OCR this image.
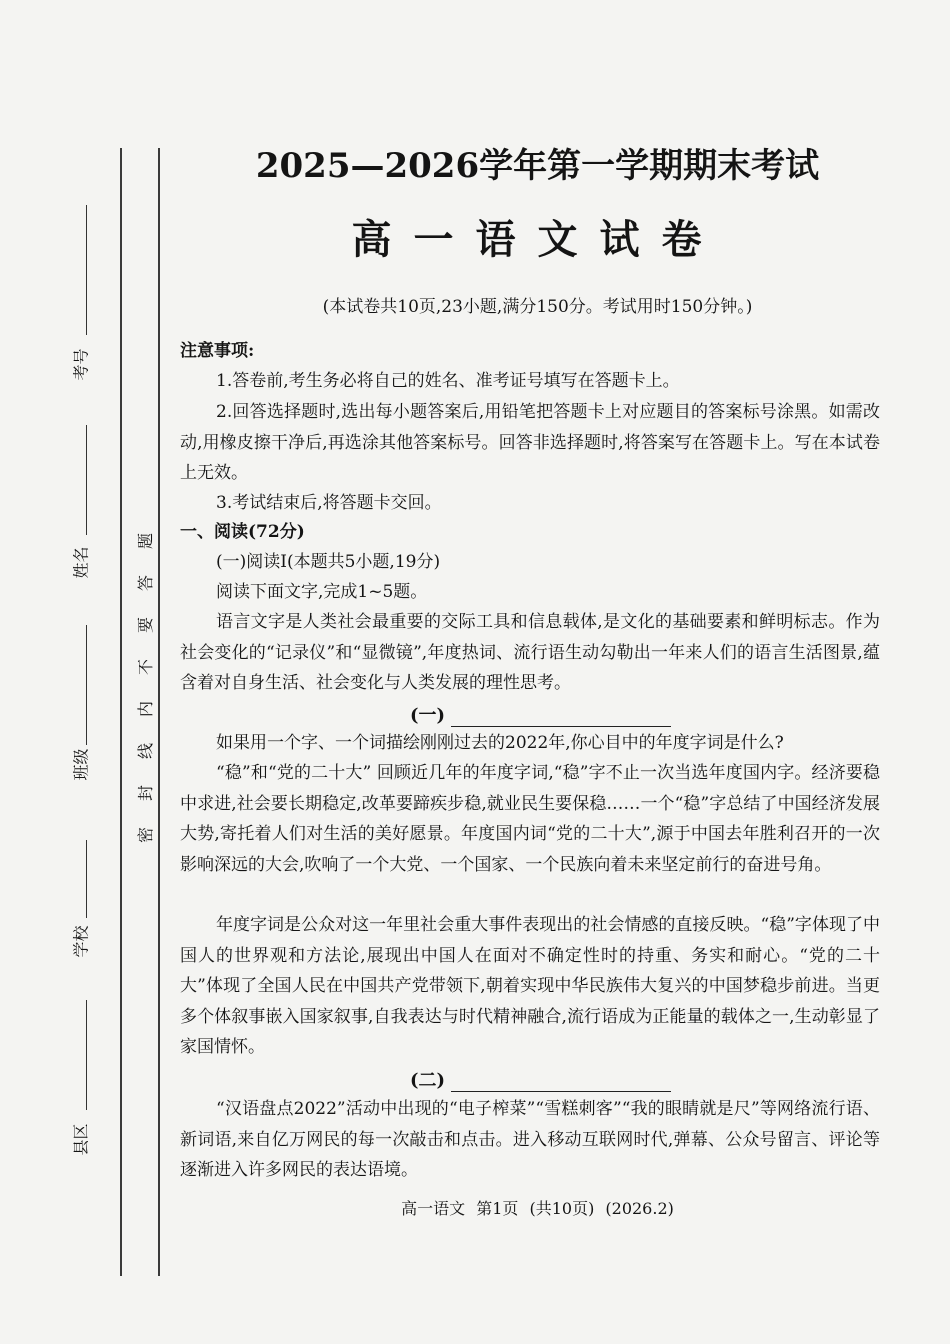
考号
姓名
班级
学校
县区
题
答
要
不
内
线
封
密
2025—2026学年第一学期期末考试
高一语文试卷
(本试卷共10页,23小题,满分150分。考试用时150分钟。)
注意事项:
1.答卷前,考生务必将自己的姓名、准考证号填写在答题卡上。
2.回答选择题时,选出每小题答案后,用铅笔把答题卡上对应题目的答案标号涂黑。如需改动,用橡皮擦干净后,再选涂其他答案标号。回答非选择题时,将答案写在答题卡上。写在本试卷上无效。
3.考试结束后,将答题卡交回。
一、阅读(72分)
(一)阅读Ⅰ(本题共5小题,19分)
阅读下面文字,完成1~5题。
语言文字是人类社会最重要的交际工具和信息载体,是文化的基础要素和鲜明标志。作为社会变化的“记录仪”和“显微镜”,年度热词、流行语生动勾勒出一年来人们的语言生活图景,蕴含着对自身生活、社会变化与人类发展的理性思考。
(一)
如果用一个字、一个词描绘刚刚过去的2022年,你心目中的年度字词是什么?
“稳”和“党的二十大” 回顾近几年的年度字词,“稳”字不止一次当选年度国内字。经济要稳中求进,社会要长期稳定,改革要蹄疾步稳,就业民生要保稳……一个“稳”字总结了中国经济发展大势,寄托着人们对生活的美好愿景。年度国内词“党的二十大”,源于中国去年胜利召开的一次影响深远的大会,吹响了一个大党、一个国家、一个民族向着未来坚定前行的奋进号角。
年度字词是公众对这一年里社会重大事件表现出的社会情感的直接反映。“稳”字体现了中国人的世界观和方法论,展现出中国人在面对不确定性时的持重、务实和耐心。“党的二十大”体现了全国人民在中国共产党带领下,朝着实现中华民族伟大复兴的中国梦稳步前进。当更多个体叙事嵌入国家叙事,自我表达与时代精神融合,流行语成为正能量的载体之一,生动彰显了家国情怀。
(二)
“汉语盘点2022”活动中出现的“电子榨菜”“雪糕刺客”“我的眼睛就是尺”等网络流行语、新词语,来自亿万网民的每一次敲击和点击。进入移动互联网时代,弹幕、公众号留言、评论等逐渐进入许多网民的表达语境。
高一语文 第1页 (共10页) (2026.2)
